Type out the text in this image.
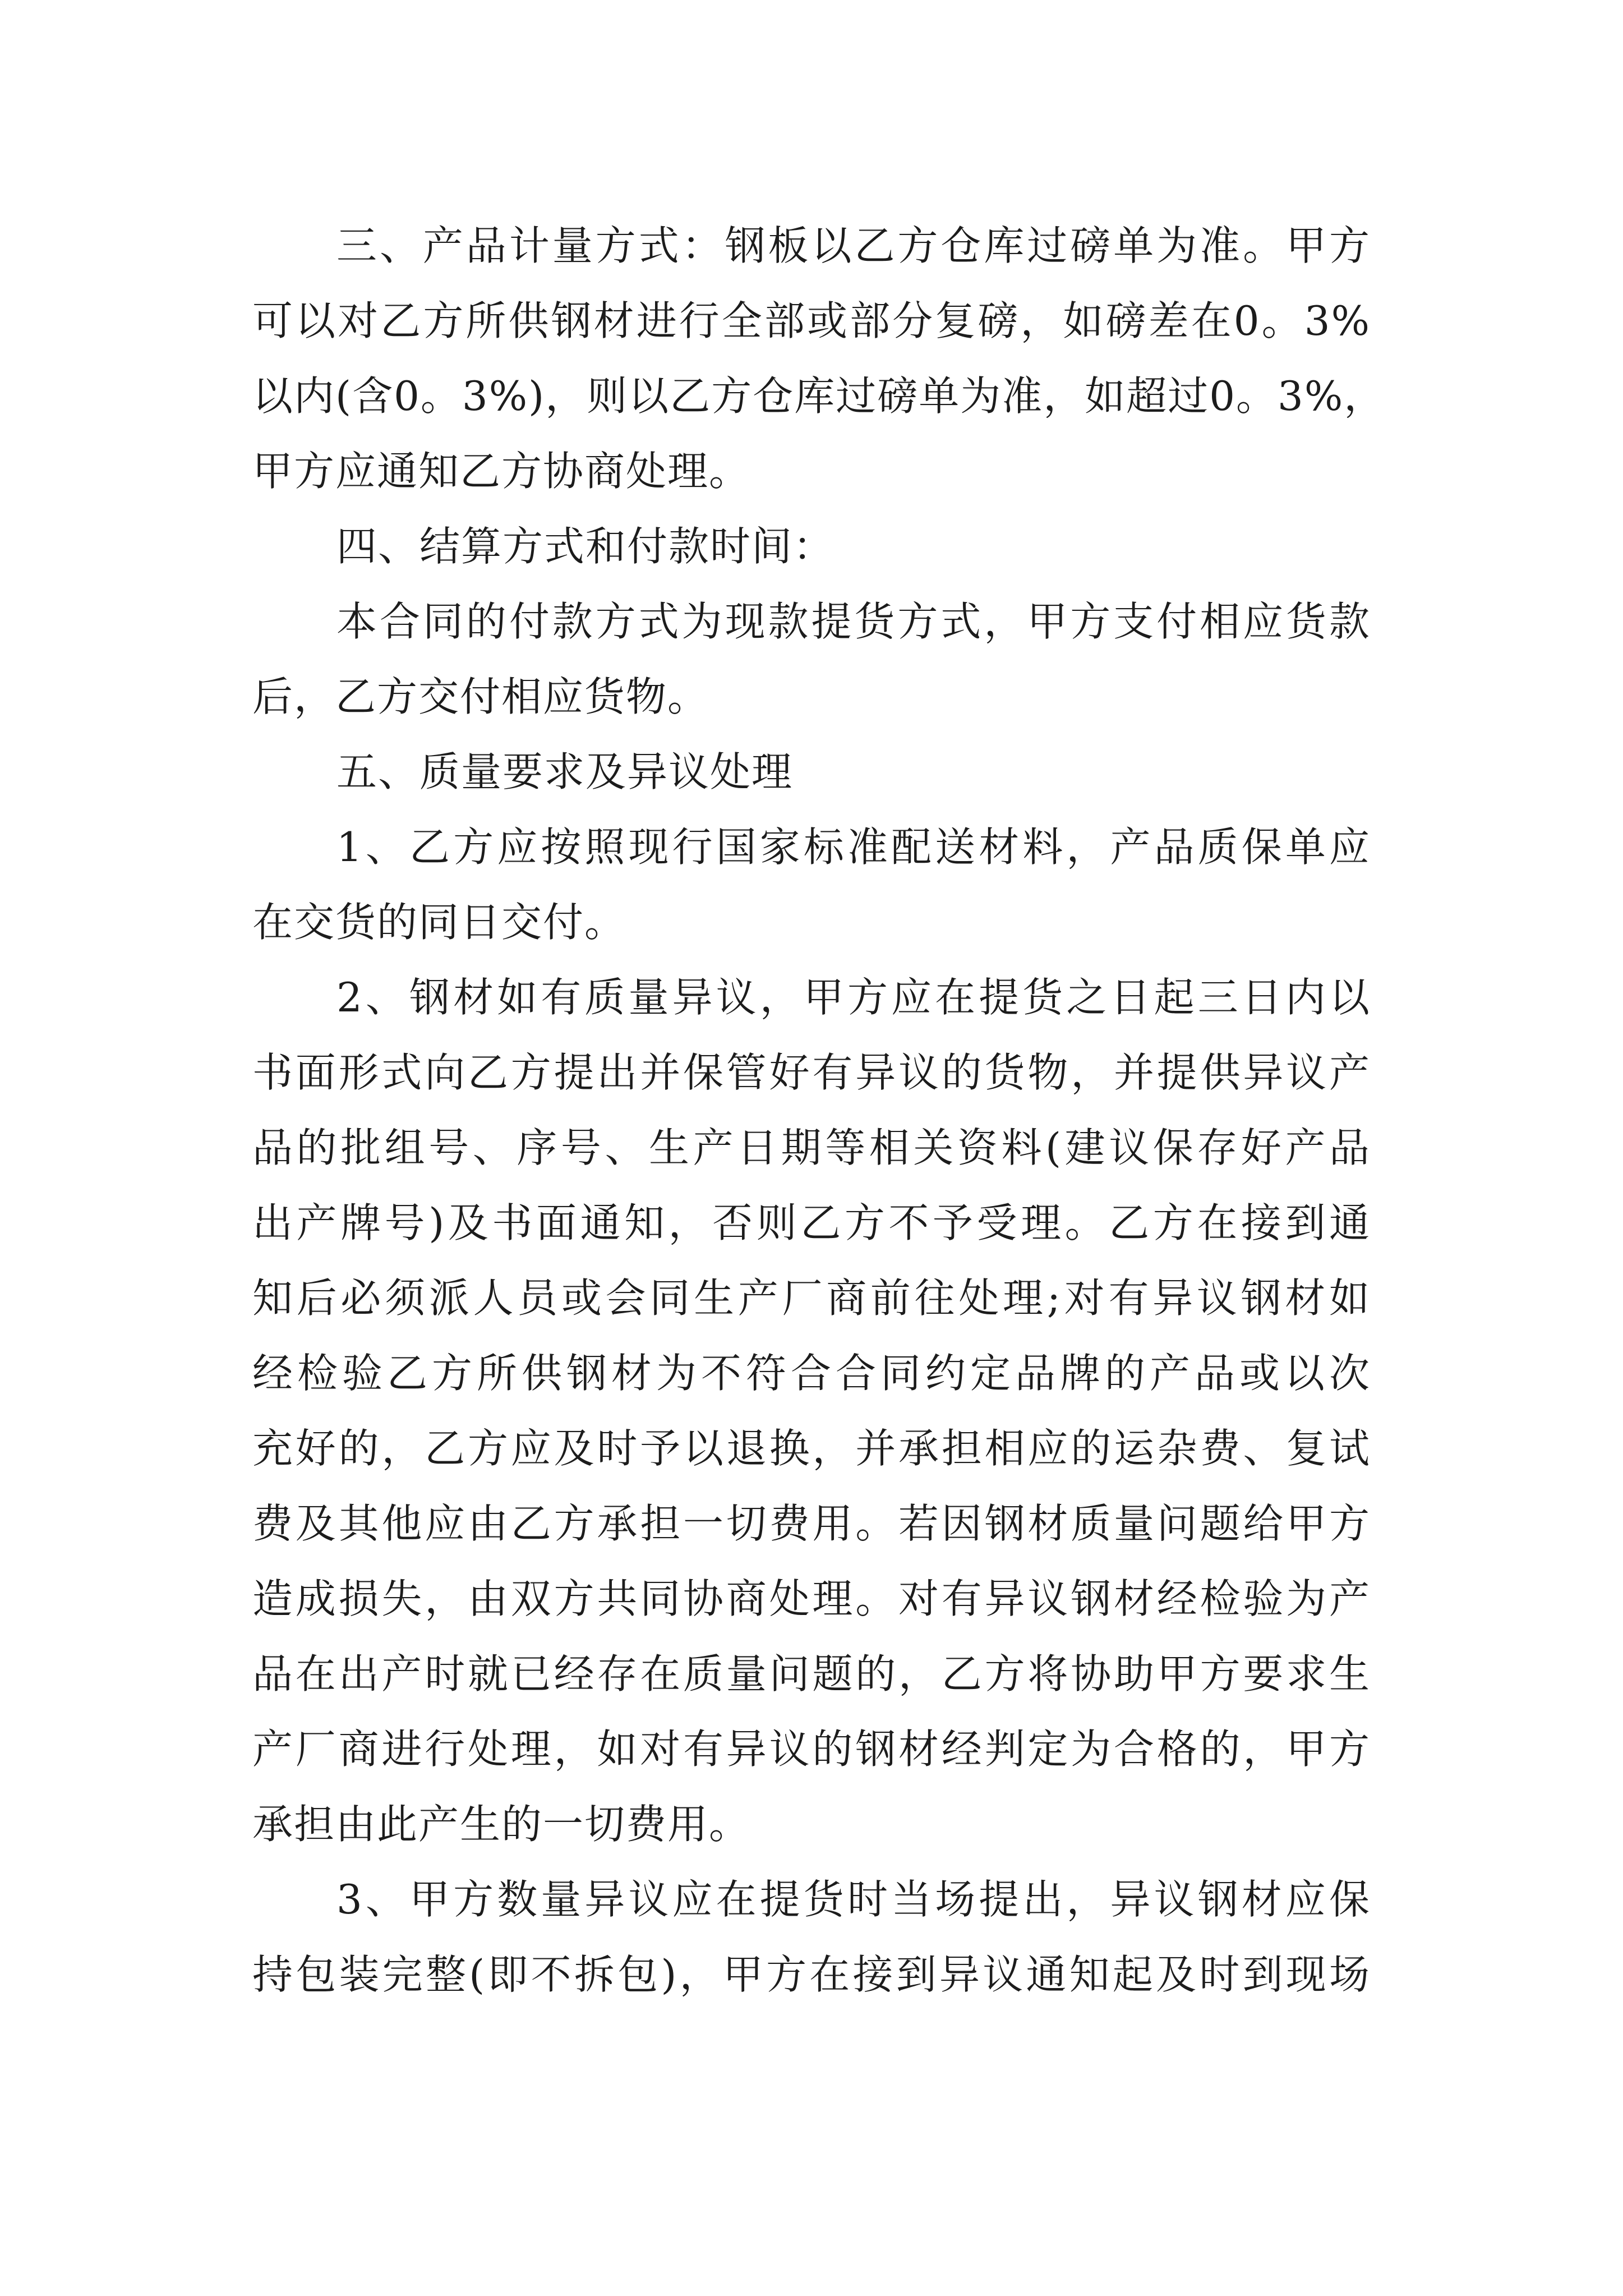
三、产品计量方式：钢板以乙方仓库过磅单为准。甲方
可以对乙方所供钢材进行全部或部分复磅，如磅差在0。3%
以内(含0。3%)，则以乙方仓库过磅单为准，如超过0。3%，
甲方应通知乙方协商处理。
四、结算方式和付款时间：
本合同的付款方式为现款提货方式，甲方支付相应货款
后，乙方交付相应货物。
五、质量要求及异议处理
1、乙方应按照现行国家标准配送材料，产品质保单应
在交货的同日交付。
2、钢材如有质量异议，甲方应在提货之日起三日内以
书面形式向乙方提出并保管好有异议的货物，并提供异议产
品的批组号、序号、生产日期等相关资料(建议保存好产品
出产牌号)及书面通知，否则乙方不予受理。乙方在接到通
知后必须派人员或会同生产厂商前往处理;对有异议钢材如
经检验乙方所供钢材为不符合合同约定品牌的产品或以次
充好的，乙方应及时予以退换，并承担相应的运杂费、复试
费及其他应由乙方承担一切费用。若因钢材质量问题给甲方
造成损失，由双方共同协商处理。对有异议钢材经检验为产
品在出产时就已经存在质量问题的，乙方将协助甲方要求生
产厂商进行处理，如对有异议的钢材经判定为合格的，甲方
承担由此产生的一切费用。
3、甲方数量异议应在提货时当场提出，异议钢材应保
持包装完整(即不拆包)，甲方在接到异议通知起及时到现场
